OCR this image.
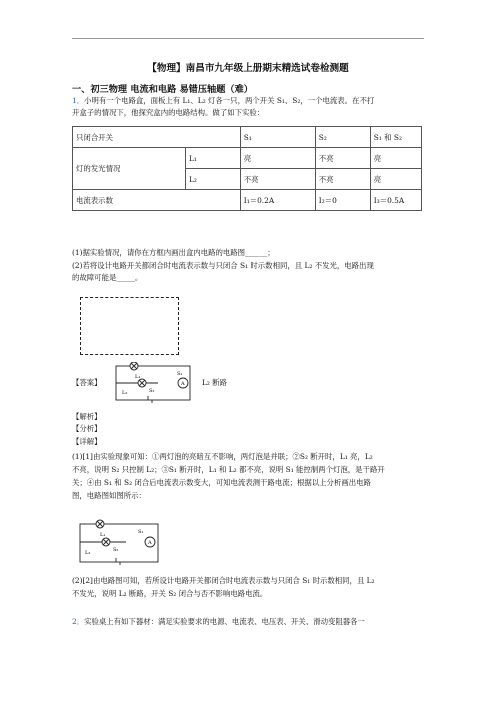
【物理】南昌市九年级上册期末精选试卷检测题
一、初三物理 电流和电路 易错压轴题（难）
1．小明有一个电路盒，面板上有 L₁、L₂ 灯各一只，两个开关 S₁、S₂，一个电流表。在不打
开盒子的情况下，他探究盒内的电路结构。做了如下实验：
只闭合开关		S₁	S₂	S₁ 和 S₂
灯的发光情况	L₁	亮	不亮	亮
	L₂	不亮	不亮	亮
电流表示数		I₁＝0.2A	I₂＝0	I₃＝0.5A
(1)据实验情况，请你在方框内画出盒内电路的电路图______；
(2)若将设计电路开关都闭合时电流表示数与只闭合 S₁ 时示数相同，且 L₂ 不发光，电路出现
的故障可能是_____。
【答案】	L₂ 断路
S₁
S₂
L₁
L₂
A
【解析】
【分析】
【详解】
(1)[1]由实验现象可知：①两灯泡的亮暗互不影响，两灯泡是并联；②S₂ 断开时，L₁ 亮，L₂
不亮，说明 S₂ 只控制 L₂；③S₁ 断开时，L₁ 和 L₂ 都不亮，说明 S₁ 能控制两个灯泡，是干路开
关；④由 S₁ 和 S₂ 闭合后电流表示数变大，可知电流表测干路电流；根据以上分析画出电路
图，电路图如图所示：
S₁
S₂
L₁
L₂
A
(2)[2]由电路图可知，若所设计电路开关都闭合时电流表示数与只闭合 S₁ 时示数相同，且 L₂
不发光，说明 L₂ 断路，开关 S₂ 闭合与否不影响电路电流。
2．实验桌上有如下器材：满足实验要求的电源、电流表、电压表、开关、滑动变阻器各一
